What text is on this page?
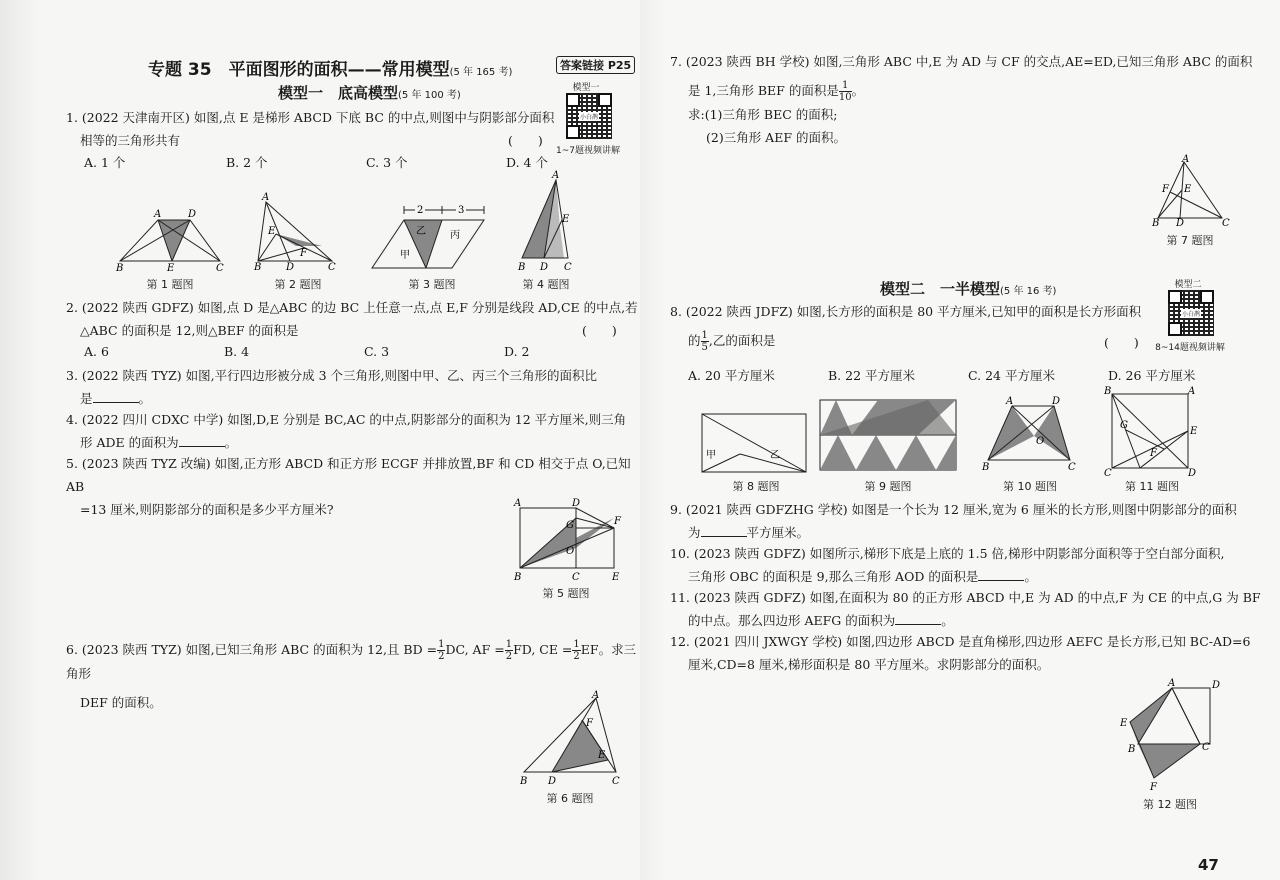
专题 35　平面图形的面积——常用模型(5 年 165 考)
答案链接 P25
模型一　底高模型(5 年 100 考)
模型一
小白鹊
1~7题视频讲解
1. (2022 天津南开区) 如图,点 E 是梯形 ABCD 下底 BC 的中点,则图中与阴影部分面积
相等的三角形共有	(　　)
A. 1 个	B. 2 个	C. 3 个	D. 4 个
A	D
B	E	C
第 1 题图
A
E
F
B D	C
第 2 题图
2	3
乙 丙
甲
第 3 题图
A
E
B D C
第 4 题图
2. (2022 陕西 GDFZ) 如图,点 D 是△ABC 的边 BC 上任意一点,点 E,F 分别是线段 AD,CE 的中点,若
△ABC 的面积是 12,则△BEF 的面积是	(　　)
A. 6	B. 4	C. 3	D. 2
3. (2022 陕西 TYZ) 如图,平行四边形被分成 3 个三角形,则图中甲、乙、丙三个三角形的面积比
是	。
4. (2022 四川 CDXC 中学) 如图,D,E 分别是 BC,AC 的中点,阴影部分的面积为 12 平方厘米,则三角
形 ADE 的面积为	。
5. (2023 陕西 TYZ 改编) 如图,正方形 ABCD 和正方形 ECGF 并排放置,BF 和 CD 相交于点 O,已知 AB
=13 厘米,则阴影部分的面积是多少平方厘米?	A	D
G	F
O
B	C	E
第 5 题图
6. (2023 陕西 TYZ) 如图,已知三角形 ABC 的面积为 12,且 BD = $\frac{1}{2}$ DC, AF = $\frac{1}{2}$ FD, CE = $\frac{1}{2}$ EF。求三角形
DEF 的面积。	A
F
E
B D	C
第 6 题图
7. (2023 陕西 BH 学校) 如图,三角形 ABC 中,E 为 AD 与 CF 的交点,AE=ED,已知三角形 ABC 的面积
是 1,三角形 BEF 的面积是 $\frac{1}{10}$ 。
求:(1)三角形 BEC 的面积;
(2)三角形 AEF 的面积。
A
F E
B D	C
第 7 题图
模型二　一半模型(5 年 16 考)
模型二
小白鹊
8~14题视频讲解
8. (2022 陕西 JDFZ) 如图,长方形的面积是 80 平方厘米,已知甲的面积是长方形面积
的 $\frac{1}{5}$ ,乙的面积是	(　　)
A. 20 平方厘米	B. 22 平方厘米	C. 24 平方厘米	D. 26 平方厘米
甲	乙
第 8 题图	第 9 题图
A	D
O
B	C
第 10 题图
B	A
G
E
F
C	D
第 11 题图
9. (2021 陕西 GDFZHG 学校) 如图是一个长为 12 厘米,宽为 6 厘米的长方形,则图中阴影部分的面积
为	平方厘米。
10. (2023 陕西 GDFZ) 如图所示,梯形下底是上底的 1.5 倍,梯形中阴影部分面积等于空白部分面积,
三角形 OBC 的面积是 9,那么三角形 AOD 的面积是	。
11. (2023 陕西 GDFZ) 如图,在面积为 80 的正方形 ABCD 中,E 为 AD 的中点,F 为 CE 的中点,G 为 BF
的中点。那么四边形 AEFG 的面积为	。
12. (2021 四川 JXWGY 学校) 如图,四边形 ABCD 是直角梯形,四边形 AEFC 是长方形,已知 BC-AD=6
厘米,CD=8 厘米,梯形面积是 80 平方厘米。求阴影部分的面积。
A	D
E
B	C
F
第 12 题图
47
